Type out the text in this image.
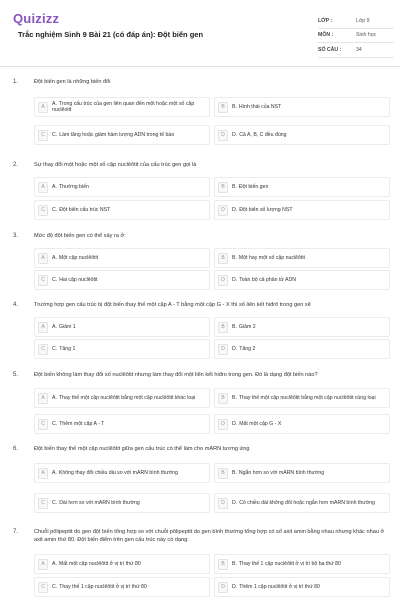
Quizizz
Trắc nghiệm Sinh 9 Bài 21 (có đáp án): Đột biến gen
LỚP :	Lớp 9
MÔN :	Sinh học
SỐ CÂU :	34
1.	Đột biến gen là những biến đổi
A
A. Trong cấu trúc của gen liên quan đến một hoặc một số cặp nuclêotit	B	B. Hình thái của NST
C	C. Làm tăng hoặc giảm hàm lượng ADN trong tế bào	D	D. Cả A, B, C đều đúng
2.	Sự thay đổi một hoặc một số cặp nuclêôtit của cấu trúc gen gọi là
A	A. Thường biến	B	B. Đột biến gen
C	C. Đột biến cấu trúc NST	D	D. Đột biến số lượng NST
3.	Mức độ đột biến gen có thể xảy ra ở:
A	A. Một cặp nuclêôtit	B	B. Một hay một số cặp nuclêôtit
C	C. Hai cặp nuclêôtit	D	D. Toàn bộ cả phân tử ADN
4.	Trường hợp gen cấu trúc bị đột biến thay thế một cặp A - T bằng một cặp G - X thì số liên kết hiđrô trong gen sẽ
A	A. Giảm 1	B	B. Giảm 2
C	C. Tăng 1	D	D. Tăng 2
5.	Đột biến không làm thay đổi số nuclêôtit nhưng làm thay đổi một liên kết hiđro trong gen. Đó là dạng đột biến nào?
A	A. Thay thế một cặp nuclêôtit bằng một cặp nuclêôtit khác loại	B	B. Thay thế một cặp nuclêôtit bằng một cặp nuclêôtit cùng loại
C	C. Thêm một cặp A - T	D	D. Mất một cặp G - X
6.	Đột biến thay thế một cặp nuclêôtit giữa gen cấu trúc có thể làm cho mARN tương ứng
A	A. Không thay đổi chiều dài so với mARN bình thường	B	B. Ngắn hơn so với mARN bình thường
C	C. Dài hơn so với mARN bình thường	D	D. Có chiều dài không đổi hoặc ngắn hơn mARN bình thường
7.	Chuỗi pôlipeptit do gen đột biến tổng hợp so với chuỗi pôlipeptit do gen bình thường tổng hợp có số axit amin bằng nhau nhưng khác nhau ở axit amin thứ 80. Đột biến điểm trên gen cấu trúc này có dạng:
A	A. Mất một cặp nuclêôtit ở vị trí thứ 80	B	B. Thay thế 1 cặp nuclêôtit ở vị trí bộ ba thứ 80
C	C. Thay thế 1 cặp nuclêôtit ở vị trí thứ 80	D	D. Thêm 1 cặp nuclêôtit ở vị trí thứ 80
